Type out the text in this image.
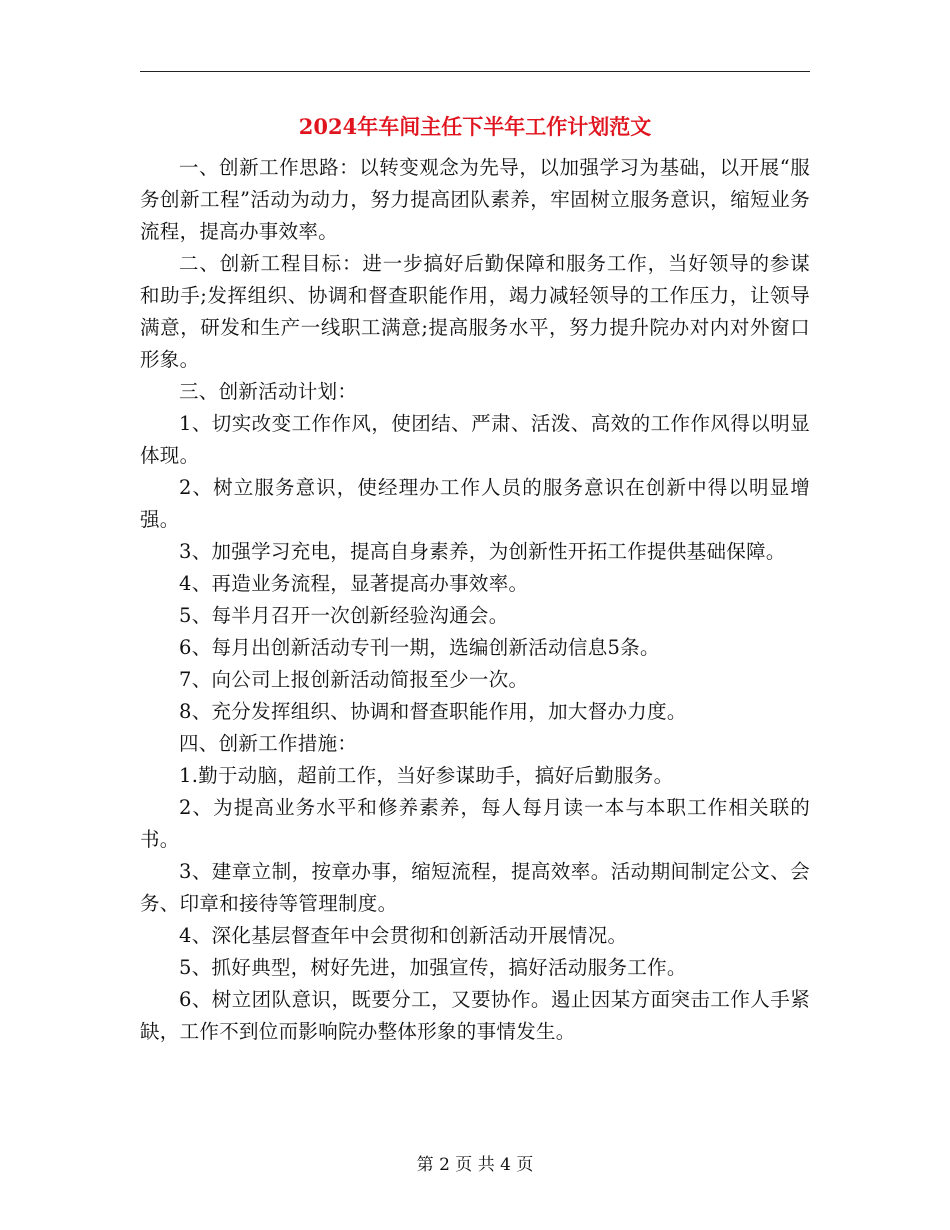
2024年车间主任下半年工作计划范文

一、创新工作思路：以转变观念为先导，以加强学习为基础，以开展“服务创新工程”活动为动力，努力提高团队素养，牢固树立服务意识，缩短业务流程，提高办事效率。

二、创新工程目标：进一步搞好后勤保障和服务工作，当好领导的参谋和助手;发挥组织、协调和督查职能作用，竭力减轻领导的工作压力，让领导满意，研发和生产一线职工满意;提高服务水平，努力提升院办对内对外窗口形象。

三、创新活动计划：

1、切实改变工作作风，使团结、严肃、活泼、高效的工作作风得以明显体现。

2、树立服务意识，使经理办工作人员的服务意识在创新中得以明显增强。

3、加强学习充电，提高自身素养，为创新性开拓工作提供基础保障。

4、再造业务流程，显著提高办事效率。

5、每半月召开一次创新经验沟通会。

6、每月出创新活动专刊一期，选编创新活动信息5条。

7、向公司上报创新活动简报至少一次。

8、充分发挥组织、协调和督查职能作用，加大督办力度。

四、创新工作措施：

1.勤于动脑，超前工作，当好参谋助手，搞好后勤服务。

2、为提高业务水平和修养素养，每人每月读一本与本职工作相关联的书。

3、建章立制，按章办事，缩短流程，提高效率。活动期间制定公文、会务、印章和接待等管理制度。

4、深化基层督查年中会贯彻和创新活动开展情况。

5、抓好典型，树好先进，加强宣传，搞好活动服务工作。

6、树立团队意识，既要分工，又要协作。遏止因某方面突击工作人手紧缺，工作不到位而影响院办整体形象的事情发生。

第 2 页 共 4 页
